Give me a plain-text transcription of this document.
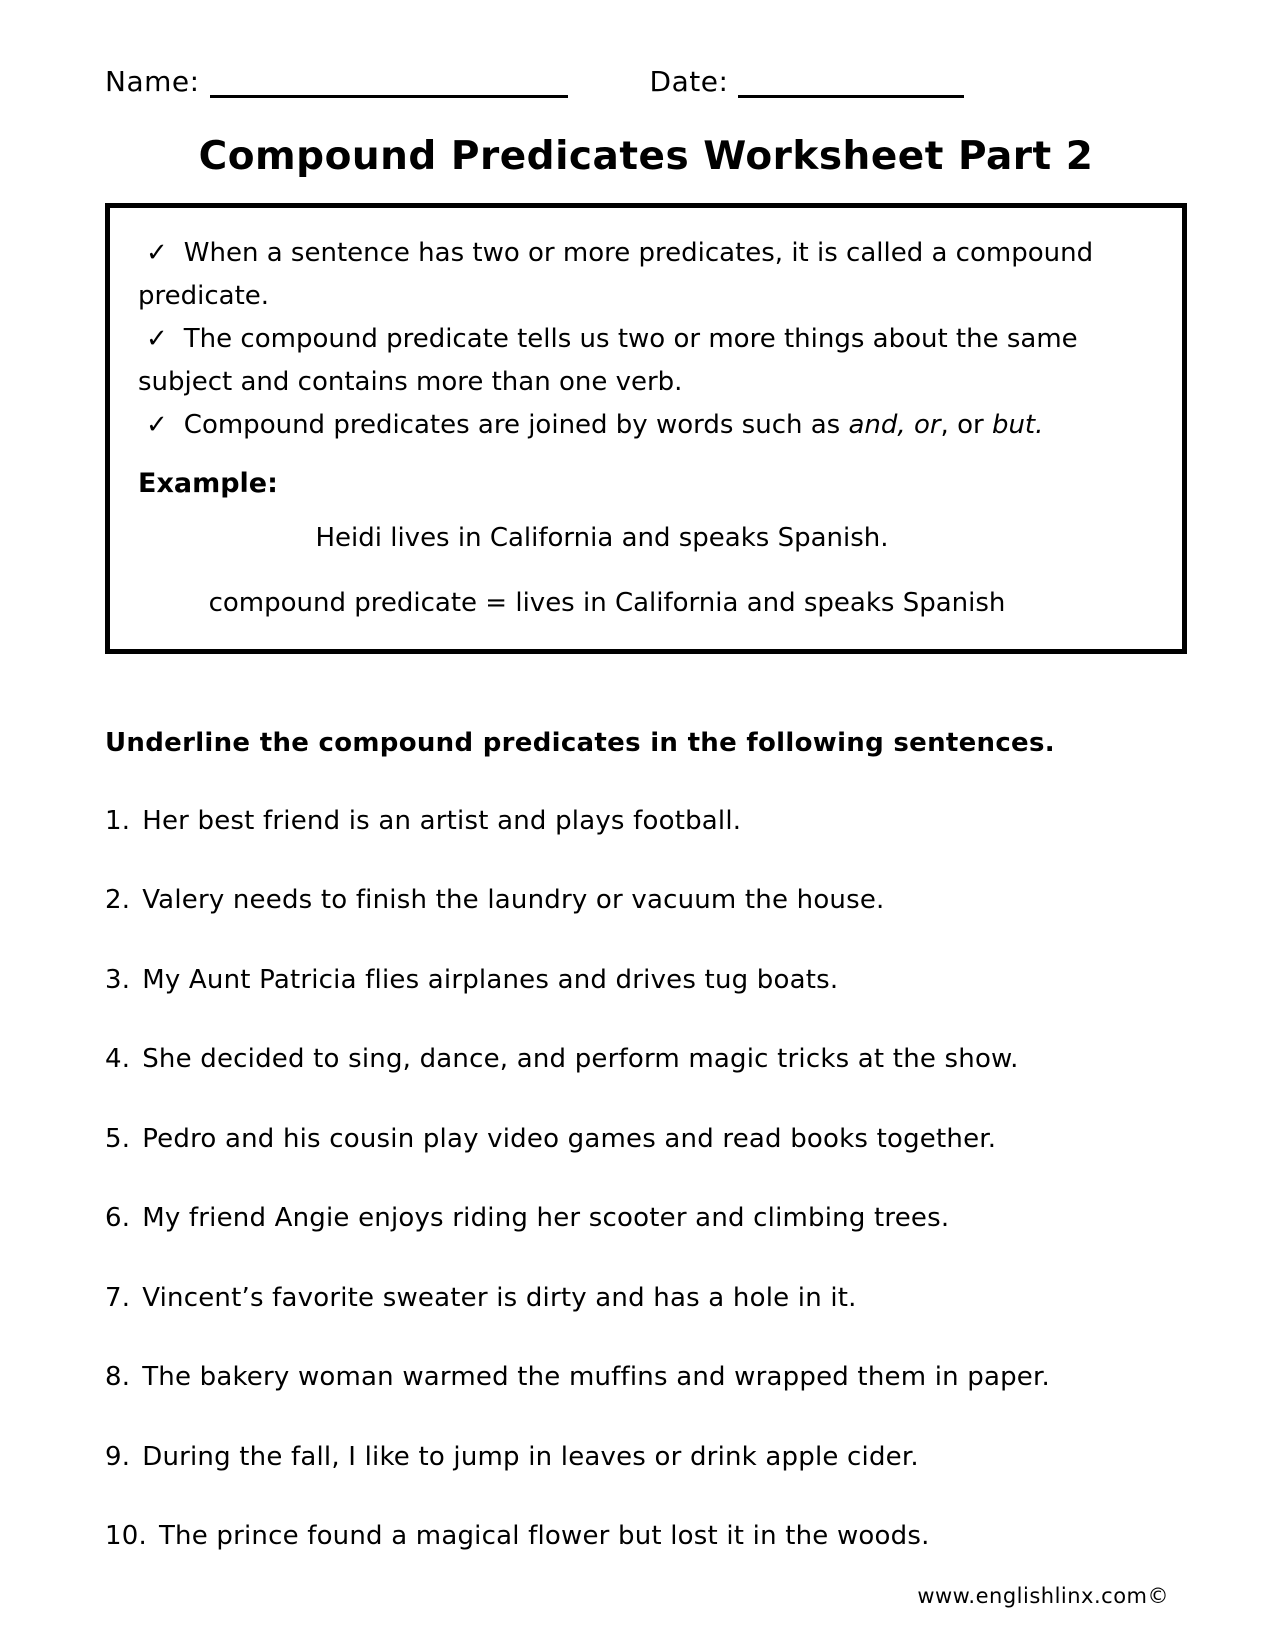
Name:	Date:
Compound Predicates Worksheet Part 2

✓ When a sentence has two or more predicates, it is called a compound predicate.

✓ The compound predicate tells us two or more things about the same subject and contains more than one verb.

✓ Compound predicates are joined by words such as and, or, or but.

Example:

Heidi lives in California and speaks Spanish.

compound predicate = lives in California and speaks Spanish

Underline the compound predicates in the following sentences.

1. Her best friend is an artist and plays football.

2. Valery needs to finish the laundry or vacuum the house.

3. My Aunt Patricia flies airplanes and drives tug boats.

4. She decided to sing, dance, and perform magic tricks at the show.

5. Pedro and his cousin play video games and read books together.

6. My friend Angie enjoys riding her scooter and climbing trees.

7. Vincent’s favorite sweater is dirty and has a hole in it.

8. The bakery woman warmed the muffins and wrapped them in paper.

9. During the fall, I like to jump in leaves or drink apple cider.

10. The prince found a magical flower but lost it in the woods.

www.englishlinx.com©
